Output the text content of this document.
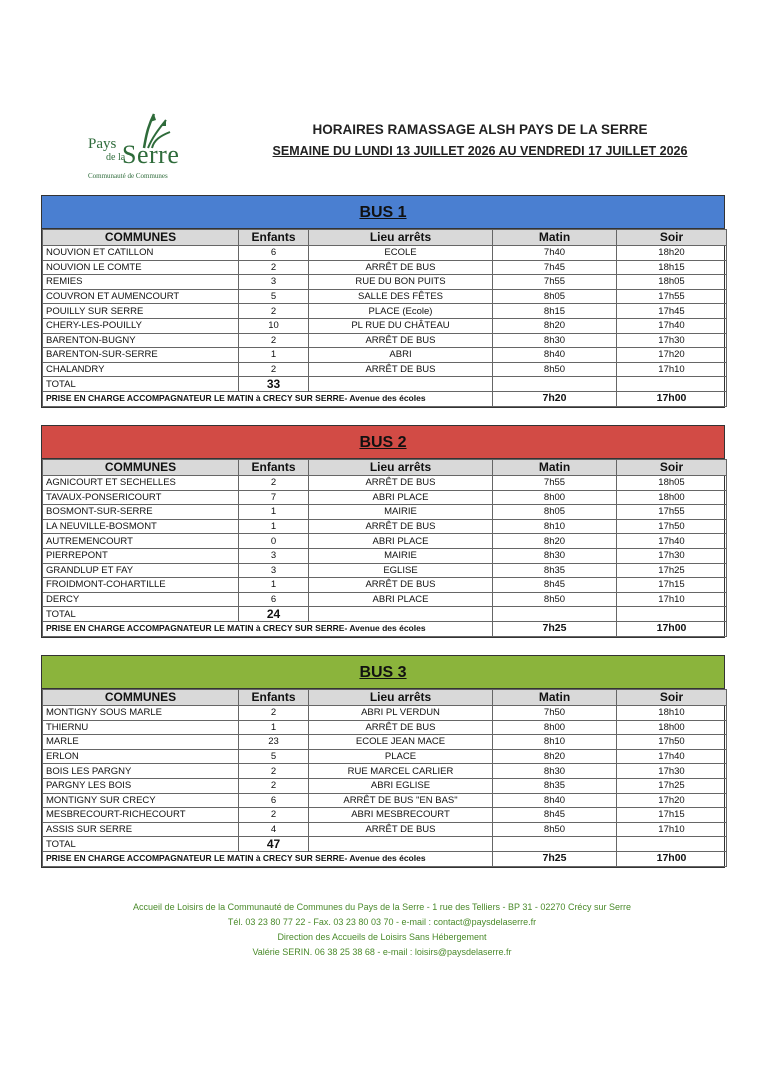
Pays
de la
Serre
Communauté de Communes
HORAIRES RAMASSAGE ALSH PAYS DE LA SERRE
SEMAINE DU LUNDI 13 JUILLET 2026 AU VENDREDI 17 JUILLET 2026
BUS 1
COMMUNES	Enfants	Lieu arrêts	Matin	Soir
NOUVION ET CATILLON	6	ECOLE	7h40	18h20
NOUVION LE COMTE	2	ARRÊT DE BUS	7h45	18h15
REMIES	3	RUE DU BON PUITS	7h55	18h05
COUVRON ET AUMENCOURT	5	SALLE DES FÊTES	8h05	17h55
POUILLY SUR SERRE	2	PLACE (Ecole)	8h15	17h45
CHERY-LES-POUILLY	10	PL RUE DU CHÂTEAU	8h20	17h40
BARENTON-BUGNY	2	ARRÊT DE BUS	8h30	17h30
BARENTON-SUR-SERRE	1	ABRI	8h40	17h20
CHALANDRY	2	ARRÊT DE BUS	8h50	17h10
TOTAL	33			
PRISE EN CHARGE ACCOMPAGNATEUR LE MATIN à CRECY SUR SERRE- Avenue des écoles			7h20	17h00
BUS 2
COMMUNES	Enfants	Lieu arrêts	Matin	Soir
AGNICOURT ET SECHELLES	2	ARRÊT DE BUS	7h55	18h05
TAVAUX-PONSERICOURT	7	ABRI PLACE	8h00	18h00
BOSMONT-SUR-SERRE	1	MAIRIE	8h05	17h55
LA NEUVILLE-BOSMONT	1	ARRÊT DE BUS	8h10	17h50
AUTREMENCOURT	0	ABRI PLACE	8h20	17h40
PIERREPONT	3	MAIRIE	8h30	17h30
GRANDLUP ET FAY	3	EGLISE	8h35	17h25
FROIDMONT-COHARTILLE	1	ARRÊT DE BUS	8h45	17h15
DERCY	6	ABRI PLACE	8h50	17h10
TOTAL	24			
PRISE EN CHARGE ACCOMPAGNATEUR LE MATIN à CRECY SUR SERRE- Avenue des écoles			7h25	17h00
BUS 3
COMMUNES	Enfants	Lieu arrêts	Matin	Soir
MONTIGNY SOUS MARLE	2	ABRI PL VERDUN	7h50	18h10
THIERNU	1	ARRÊT DE BUS	8h00	18h00
MARLE	23	ECOLE JEAN MACE	8h10	17h50
ERLON	5	PLACE	8h20	17h40
BOIS LES PARGNY	2	RUE MARCEL CARLIER	8h30	17h30
PARGNY LES BOIS	2	ABRI EGLISE	8h35	17h25
MONTIGNY SUR CRECY	6	ARRÊT DE BUS "EN BAS"	8h40	17h20
MESBRECOURT-RICHECOURT	2	ABRI MESBRECOURT	8h45	17h15
ASSIS SUR SERRE	4	ARRÊT DE BUS	8h50	17h10
TOTAL	47			
PRISE EN CHARGE ACCOMPAGNATEUR LE MATIN à CRECY SUR SERRE- Avenue des écoles			7h25	17h00
Accueil de Loisirs de la Communauté de Communes du Pays de la Serre - 1 rue des Telliers - BP 31 - 02270 Crécy sur Serre
Tél. 03 23 80 77 22 - Fax. 03 23 80 03 70 - e-mail : contact@paysdelaserre.fr
Direction des Accueils de Loisirs Sans Hébergement
Valérie SERIN. 06 38 25 38 68 - e-mail : loisirs@paysdelaserre.fr
